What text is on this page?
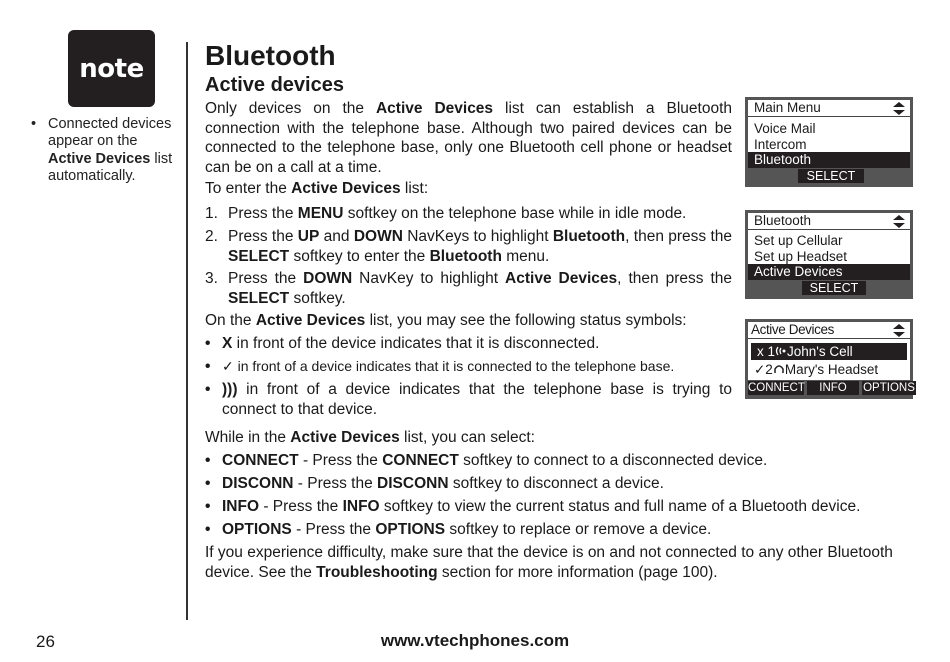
note
• Connected devices appear on the Active Devices list automatically.
Bluetooth
Active devices
Only devices on the Active Devices list can establish a Bluetooth connection with the telephone base. Although two paired devices can be connected to the telephone base, only one Bluetooth cell phone or headset can be on a call at a time.
To enter the Active Devices list:
1. Press the MENU softkey on the telephone base while in idle mode.
2. Press the UP and DOWN NavKeys to highlight Bluetooth, then press the SELECT softkey to enter the Bluetooth menu.
3. Press the DOWN NavKey to highlight Active Devices, then press the SELECT softkey.
On the Active Devices list, you may see the following status symbols:
• X in front of the device indicates that it is disconnected.
• ✓ in front of a device indicates that it is connected to the telephone base.
• ))) in front of a device indicates that the telephone base is trying to connect to that device.
While in the Active Devices list, you can select:
• CONNECT - Press the CONNECT softkey to connect to a disconnected device.
• DISCONN - Press the DISCONN softkey to disconnect a device.
• INFO - Press the INFO softkey to view the current status and full name of a Bluetooth device.
• OPTIONS - Press the OPTIONS softkey to replace or remove a device.
If you experience difficulty, make sure that the device is on and not connected to any other Bluetooth device. See the Troubleshooting section for more information (page 100).
Main Menu
Voice Mail
Intercom
Bluetooth
SELECT
Bluetooth
Set up Cellular
Set up Headset
Active Devices
SELECT
Active Devices
x 1 John's Cell
✓2 Mary's Headset
CONNECT	INFO	OPTIONS
26	www.vtechphones.com
